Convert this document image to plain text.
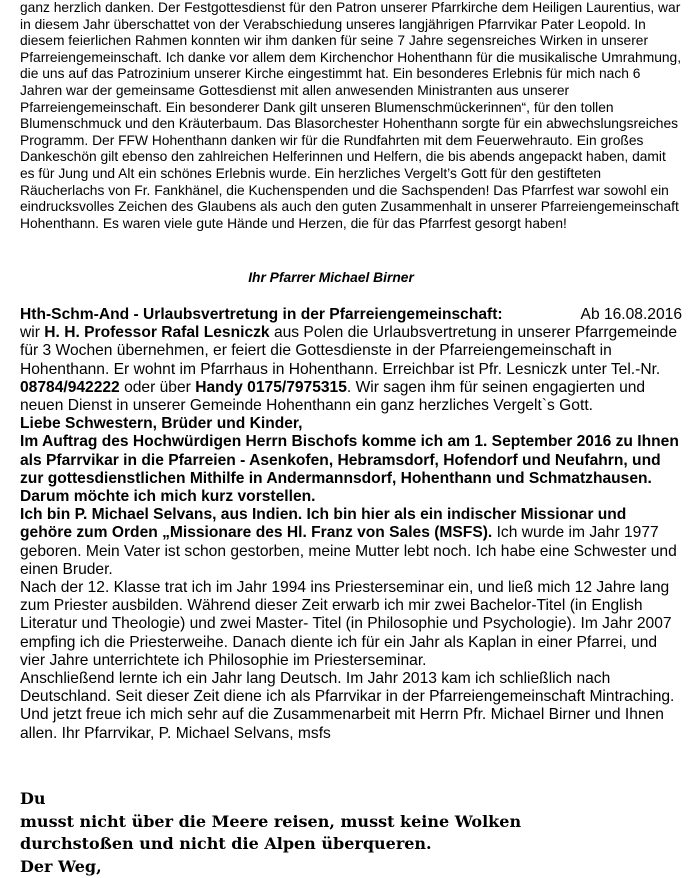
ganz herzlich danken. Der Festgottesdienst für den Patron unserer Pfarrkirche dem Heiligen Laurentius, war in diesem Jahr überschattet von der Verabschiedung unseres langjährigen Pfarrvikar Pater Leopold. In diesem feierlichen Rahmen konnten wir ihm danken für seine 7 Jahre segensreiches Wirken in unserer Pfarreiengemeinschaft. Ich danke vor allem dem Kirchenchor Hohenthann für die musikalische Umrahmung, die uns auf das Patrozinium unserer Kirche eingestimmt hat. Ein besonderes Erlebnis für mich nach 6 Jahren war der gemeinsame Gottesdienst mit allen anwesenden Ministranten aus unserer Pfarreiengemeinschaft. Ein besonderer Dank gilt unseren Blumenschmückerinnen“, für den tollen Blumenschmuck und den Kräuterbaum. Das Blasorchester Hohenthann sorgte für ein abwechslungsreiches Programm. Der FFW Hohenthann danken wir für die Rundfahrten mit dem Feuerwehrauto. Ein großes Dankeschön gilt ebenso den zahlreichen Helferinnen und Helfern, die bis abends angepackt haben, damit es für Jung und Alt ein schönes Erlebnis wurde. Ein herzliches Vergelt’s Gott für den gestifteten Räucherlachs von Fr. Fankhänel, die Kuchenspenden und die Sachspenden! Das Pfarrfest war sowohl ein eindrucksvolles Zeichen des Glaubens als auch den guten Zusammenhalt in unserer Pfarreiengemeinschaft Hohenthann. Es waren viele gute Hände und Herzen, die für das Pfarrfest gesorgt haben!
Ihr Pfarrer Michael Birner
Hth-Schm-And - Urlaubsvertretung in der Pfarreiengemeinschaft:	Ab 16.08.2016
wir H. H. Professor Rafal Lesniczk aus Polen die Urlaubsvertretung in unserer Pfarrgemeinde für 3 Wochen übernehmen, er feiert die Gottesdienste in der Pfarreiengemeinschaft in Hohenthann. Er wohnt im Pfarrhaus in Hohenthann. Erreichbar ist Pfr. Lesniczk unter Tel.-Nr. 08784/942222 oder über Handy 0175/7975315. Wir sagen ihm für seinen engagierten und neuen Dienst in unserer Gemeinde Hohenthann ein ganz herzliches Vergelt`s Gott.
Liebe Schwestern, Brüder und Kinder,
Im Auftrag des Hochwürdigen Herrn Bischofs komme ich am 1. September 2016 zu Ihnen als Pfarrvikar in die Pfarreien - Asenkofen, Hebramsdorf, Hofendorf und Neufahrn, und zur gottesdienstlichen Mithilfe in Andermannsdorf, Hohenthann und Schmatzhausen. Darum möchte ich mich kurz vorstellen.
Ich bin P. Michael Selvans, aus Indien. Ich bin hier als ein indischer Missionar und gehöre zum Orden „Missionare des Hl. Franz von Sales (MSFS). Ich wurde im Jahr 1977 geboren. Mein Vater ist schon gestorben, meine Mutter lebt noch. Ich habe eine Schwester und einen Bruder.
Nach der 12. Klasse trat ich im Jahr 1994 ins Priesterseminar ein, und ließ mich 12 Jahre lang zum Priester ausbilden. Während dieser Zeit erwarb ich mir zwei Bachelor-Titel (in English Literatur und Theologie) und zwei Master- Titel (in Philosophie und Psychologie). Im Jahr 2007 empfing ich die Priesterweihe. Danach diente ich für ein Jahr als Kaplan in einer Pfarrei, und vier Jahre unterrichtete ich Philosophie im Priesterseminar.
Anschließend lernte ich ein Jahr lang Deutsch. Im Jahr 2013 kam ich schließlich nach Deutschland. Seit dieser Zeit diene ich als Pfarrvikar in der Pfarreiengemeinschaft Mintraching. Und jetzt freue ich mich sehr auf die Zusammenarbeit mit Herrn Pfr. Michael Birner und Ihnen allen. Ihr Pfarrvikar, P. Michael Selvans, msfs
Du
musst nicht über die Meere reisen, musst keine Wolken
durchstoßen und nicht die Alpen überqueren.
Der Weg,
